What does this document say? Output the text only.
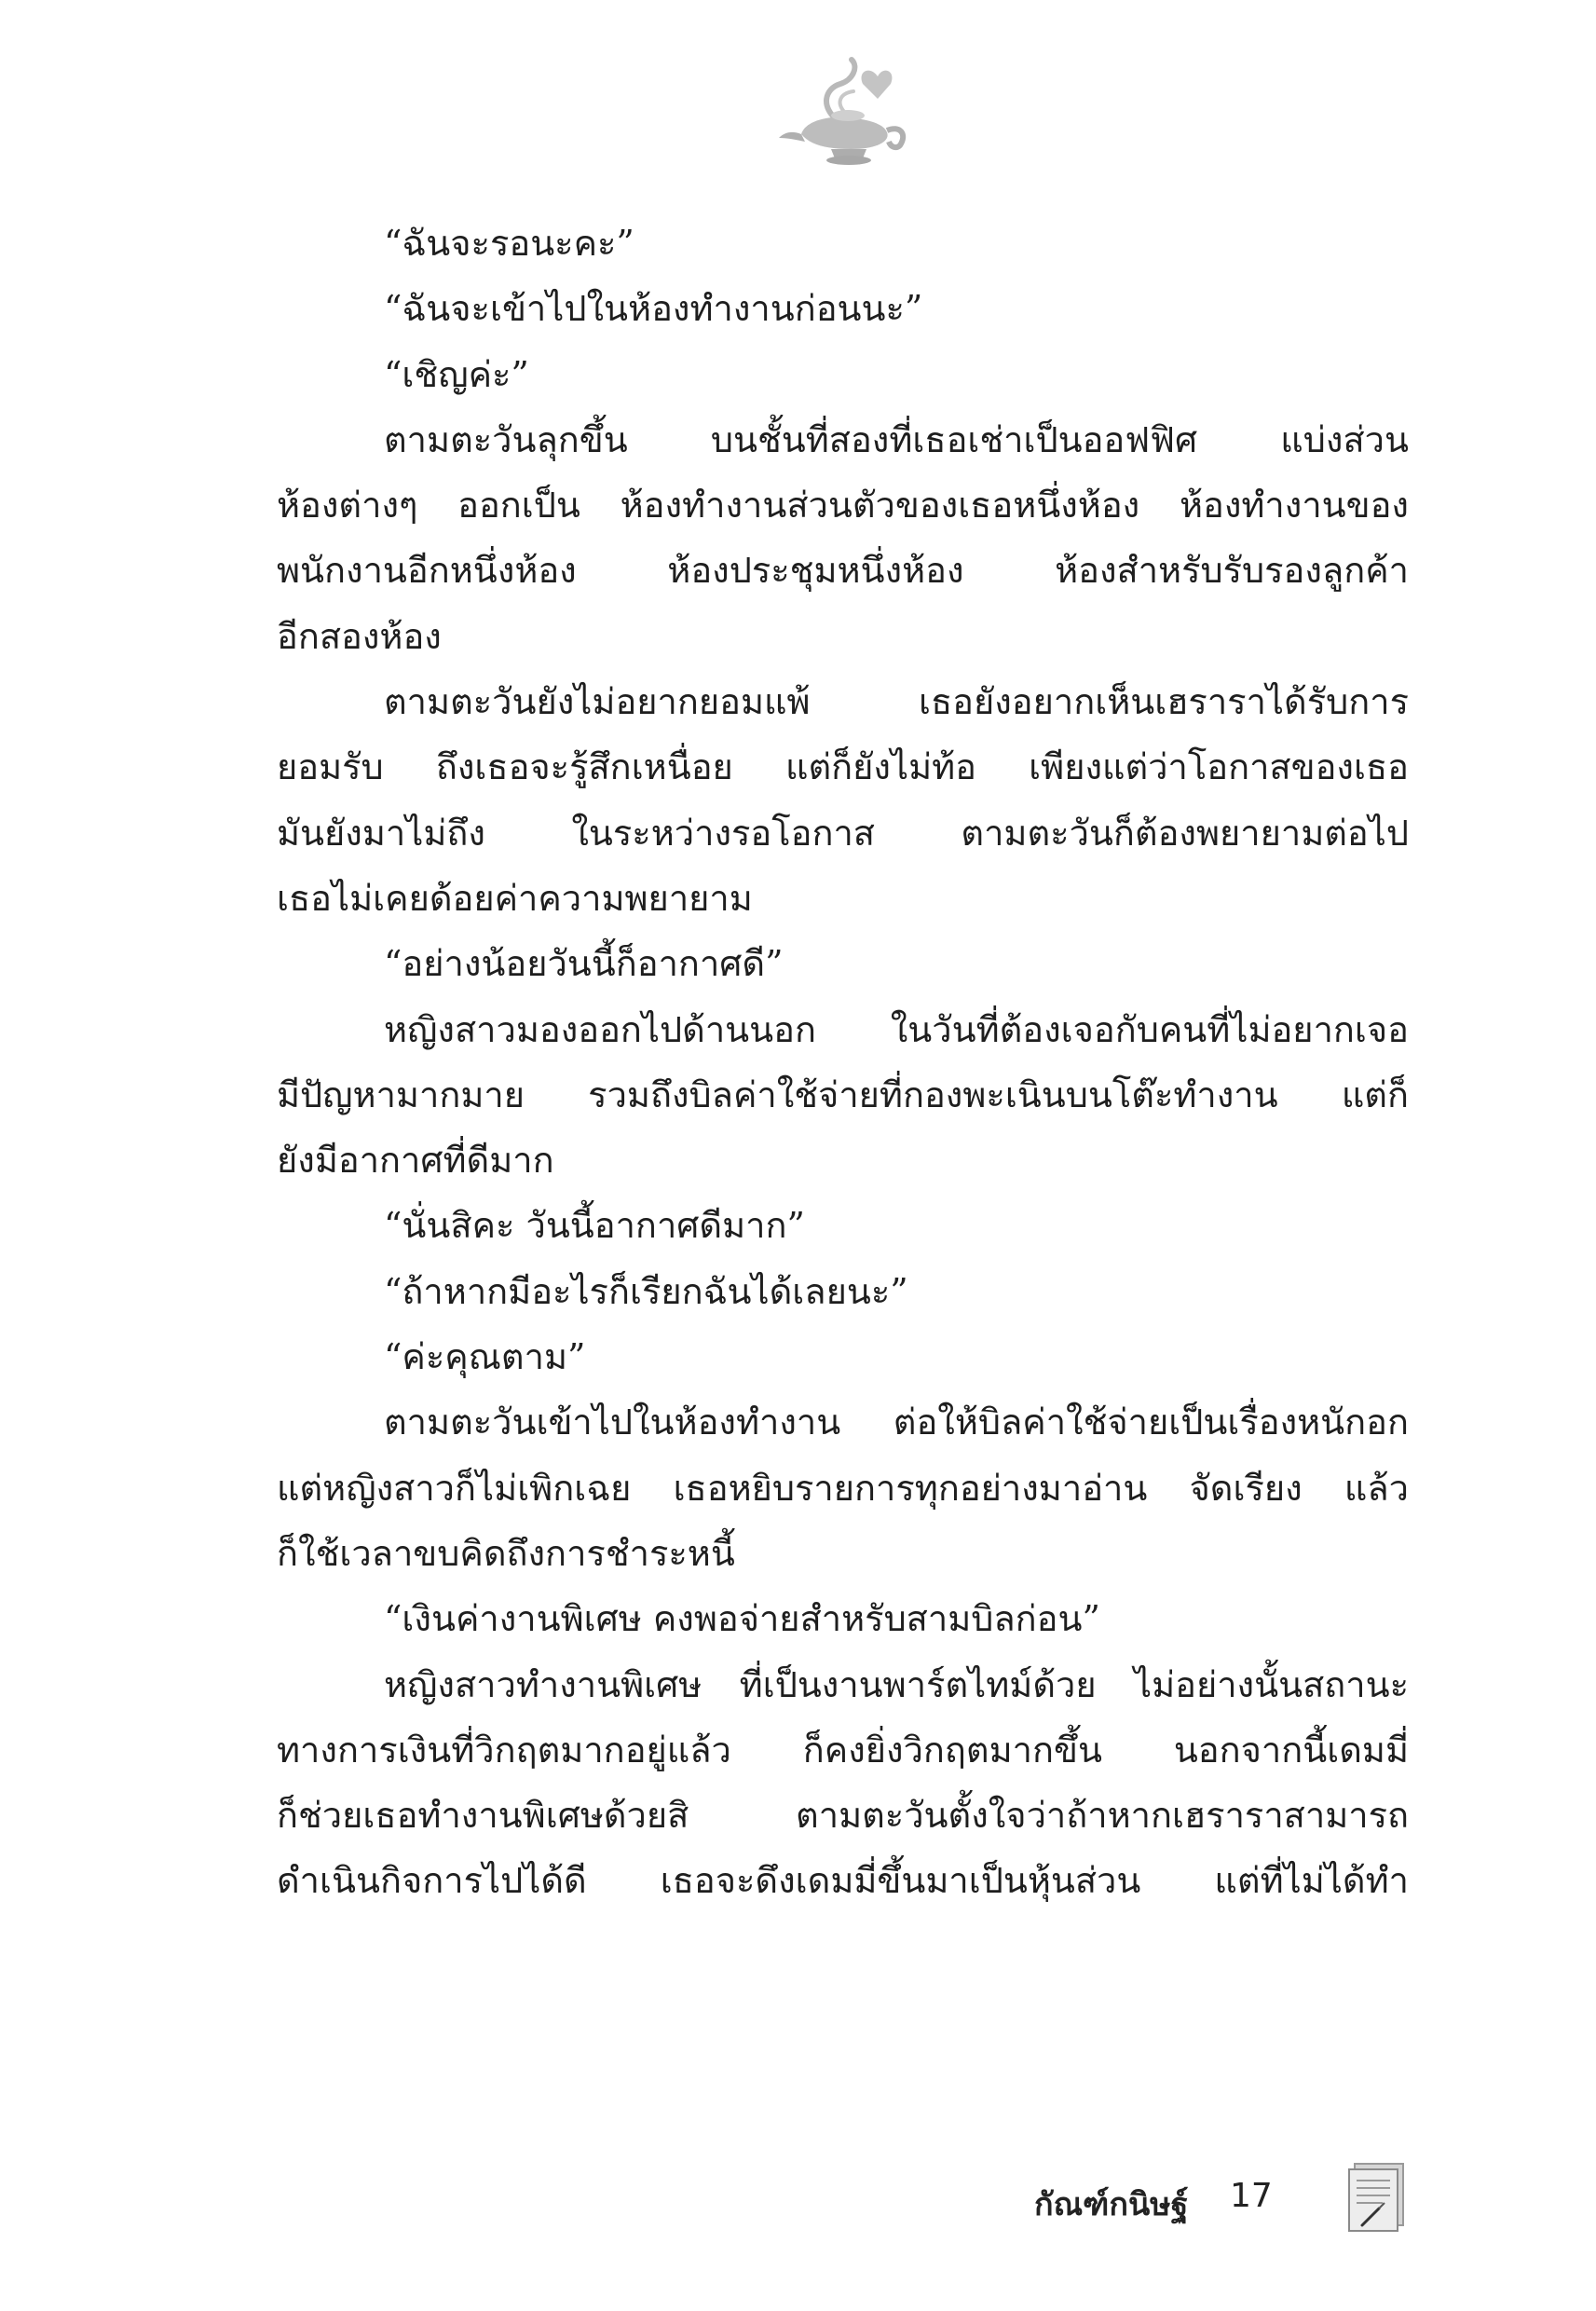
“ฉันจะรอนะคะ”
“ฉันจะเข้าไปในห้องทำงานก่อนนะ”
“เชิญค่ะ”
ตามตะวันลุกขึ้น บนชั้นที่สองที่เธอเช่าเป็นออฟฟิศ แบ่งส่วน
ห้องต่างๆ ออกเป็น ห้องทำงานส่วนตัวของเธอหนึ่งห้อง ห้องทำงานของ
พนักงานอีกหนึ่งห้อง ห้องประชุมหนึ่งห้อง ห้องสำหรับรับรองลูกค้า
อีกสองห้อง
ตามตะวันยังไม่อยากยอมแพ้ เธอยังอยากเห็นเฮราราได้รับการ
ยอมรับ ถึงเธอจะรู้สึกเหนื่อย แต่ก็ยังไม่ท้อ เพียงแต่ว่าโอกาสของเธอ
มันยังมาไม่ถึง ในระหว่างรอโอกาส ตามตะวันก็ต้องพยายามต่อไป
เธอไม่เคยด้อยค่าความพยายาม
“อย่างน้อยวันนี้ก็อากาศดี”
หญิงสาวมองออกไปด้านนอก ในวันที่ต้องเจอกับคนที่ไม่อยากเจอ
มีปัญหามากมาย รวมถึงบิลค่าใช้จ่ายที่กองพะเนินบนโต๊ะทำงาน แต่ก็
ยังมีอากาศที่ดีมาก
“นั่นสิคะ วันนี้อากาศดีมาก”
“ถ้าหากมีอะไรก็เรียกฉันได้เลยนะ”
“ค่ะคุณตาม”
ตามตะวันเข้าไปในห้องทำงาน ต่อให้บิลค่าใช้จ่ายเป็นเรื่องหนักอก
แต่หญิงสาวก็ไม่เพิกเฉย เธอหยิบรายการทุกอย่างมาอ่าน จัดเรียง แล้ว
ก็ใช้เวลาขบคิดถึงการชำระหนี้
“เงินค่างานพิเศษ คงพอจ่ายสำหรับสามบิลก่อน”
หญิงสาวทำงานพิเศษ ที่เป็นงานพาร์ตไทม์ด้วย ไม่อย่างนั้นสถานะ
ทางการเงินที่วิกฤตมากอยู่แล้ว ก็คงยิ่งวิกฤตมากขึ้น นอกจากนี้เดมมี่
ก็ช่วยเธอทำงานพิเศษด้วยสิ ตามตะวันตั้งใจว่าถ้าหากเฮราราสามารถ
ดำเนินกิจการไปได้ดี เธอจะดึงเดมมี่ขึ้นมาเป็นหุ้นส่วน แต่ที่ไม่ได้ทำ
กัณฑ์กนิษฐ์ 17
